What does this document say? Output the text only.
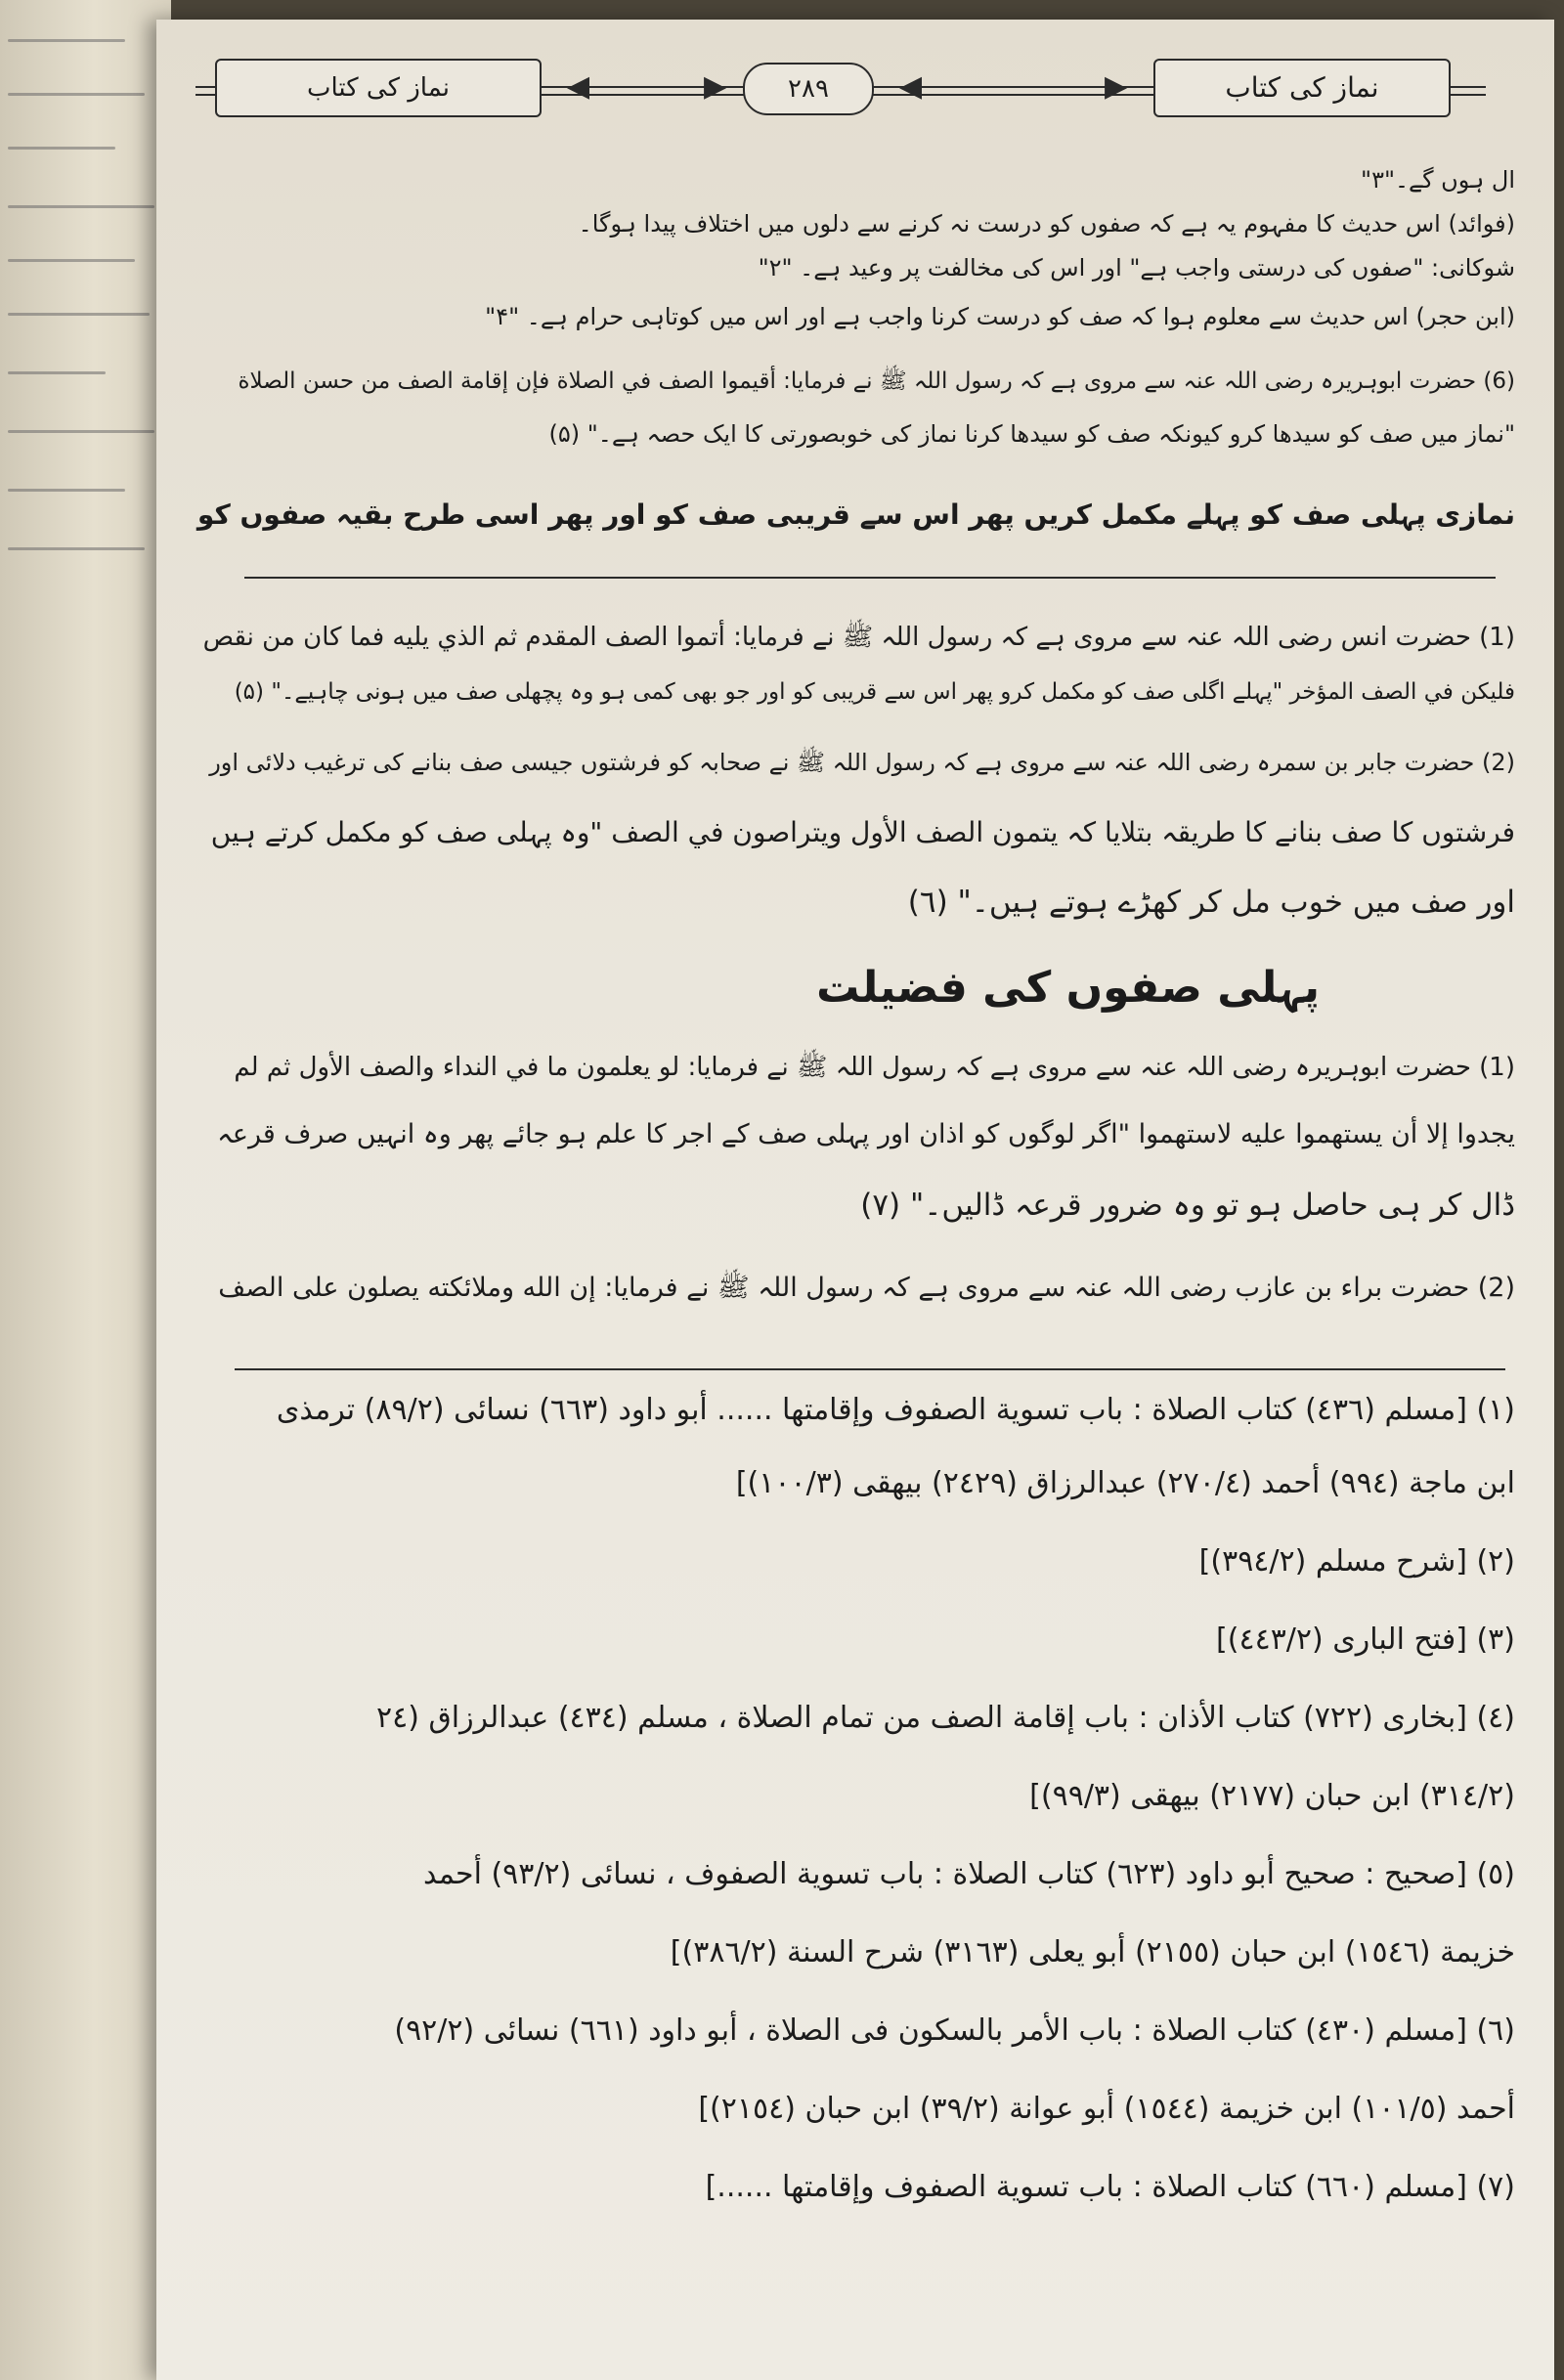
نماز کی کتاب	◀	▶	۲۸۹	◀	▶	نماز کی کتاب
ال ہوں گے۔"۳"
(فوائد) اس حدیث کا مفہوم یہ ہے کہ صفوں کو درست نہ کرنے سے دلوں میں اختلاف پیدا ہوگا۔
شوکانی: "صفوں کی درستی واجب ہے" اور اس کی مخالفت پر وعید ہے۔ "۲"
(ابن حجر) اس حدیث سے معلوم ہوا کہ صف کو درست کرنا واجب ہے اور اس میں کوتاہی حرام ہے۔ "۴"
(6) حضرت ابوہریرہ رضی اللہ عنہ سے مروی ہے کہ رسول اللہ ﷺ نے فرمایا: أقيموا الصف في الصلاة فإن إقامة الصف من حسن الصلاة
"نماز میں صف کو سیدھا کرو کیونکہ صف کو سیدھا کرنا نماز کی خوبصورتی کا ایک حصہ ہے۔" (۵)
نمازی پہلی صف کو پہلے مکمل کریں پھر اس سے قریبی صف کو اور پھر اسی طرح بقیہ صفوں کو
(1) حضرت انس رضی اللہ عنہ سے مروی ہے کہ رسول اللہ ﷺ نے فرمایا: أتموا الصف المقدم ثم الذي يليه فما كان من نقص
فليكن في الصف المؤخر "پہلے اگلی صف کو مکمل کرو پھر اس سے قریبی کو اور جو بھی کمی ہو وہ پچھلی صف میں ہونی چاہیے۔" (۵)
(2) حضرت جابر بن سمرہ رضی اللہ عنہ سے مروی ہے کہ رسول اللہ ﷺ نے صحابہ کو فرشتوں جیسی صف بنانے کی ترغیب دلائی اور
فرشتوں کا صف بنانے کا طریقہ بتلایا کہ يتمون الصف الأول ويتراصون في الصف "وہ پہلی صف کو مکمل کرتے ہیں
اور صف میں خوب مل کر کھڑے ہوتے ہیں۔" (٦)
پہلی صفوں کی فضیلت
(1) حضرت ابوہریرہ رضی اللہ عنہ سے مروی ہے کہ رسول اللہ ﷺ نے فرمایا: لو يعلمون ما في النداء والصف الأول ثم لم
يجدوا إلا أن يستهموا عليه لاستهموا "اگر لوگوں کو اذان اور پہلی صف کے اجر کا علم ہو جائے پھر وہ انہیں صرف قرعہ
ڈال کر ہی حاصل ہو تو وہ ضرور قرعہ ڈالیں۔" (۷)
(2) حضرت براء بن عازب رضی اللہ عنہ سے مروی ہے کہ رسول اللہ ﷺ نے فرمایا: إن الله وملائكته يصلون على الصف
(١) [مسلم (٤٣٦) كتاب الصلاة : باب تسوية الصفوف وإقامتها ...... أبو داود (٦٦٣) نسائى (٨٩/٢) ترمذى
ابن ماجة (٩٩٤) أحمد (٢٧٠/٤) عبدالرزاق (٢٤٢٩) بيهقى (١٠٠/٣)]
(٢) [شرح مسلم (٣٩٤/٢)]
(٣) [فتح البارى (٤٤٣/٢)]
(٤) [بخارى (٧٢٢) كتاب الأذان : باب إقامة الصف من تمام الصلاة ، مسلم (٤٣٤) عبدالرزاق (٢٤
(٣١٤/٢) ابن حبان (٢١٧٧) بيهقى (٩٩/٣)]
(٥) [صحيح : صحيح أبو داود (٦٢٣) كتاب الصلاة : باب تسوية الصفوف ، نسائى (٩٣/٢) أحمد
خزيمة (١٥٤٦) ابن حبان (٢١٥٥) أبو يعلى (٣١٦٣) شرح السنة (٣٨٦/٢)]
(٦) [مسلم (٤٣٠) كتاب الصلاة : باب الأمر بالسكون فى الصلاة ، أبو داود (٦٦١) نسائى (٩٢/٢)
أحمد (١٠١/٥) ابن خزيمة (١٥٤٤) أبو عوانة (٣٩/٢) ابن حبان (٢١٥٤)]
(٧) [مسلم (٦٦٠) كتاب الصلاة : باب تسوية الصفوف وإقامتها ......]
